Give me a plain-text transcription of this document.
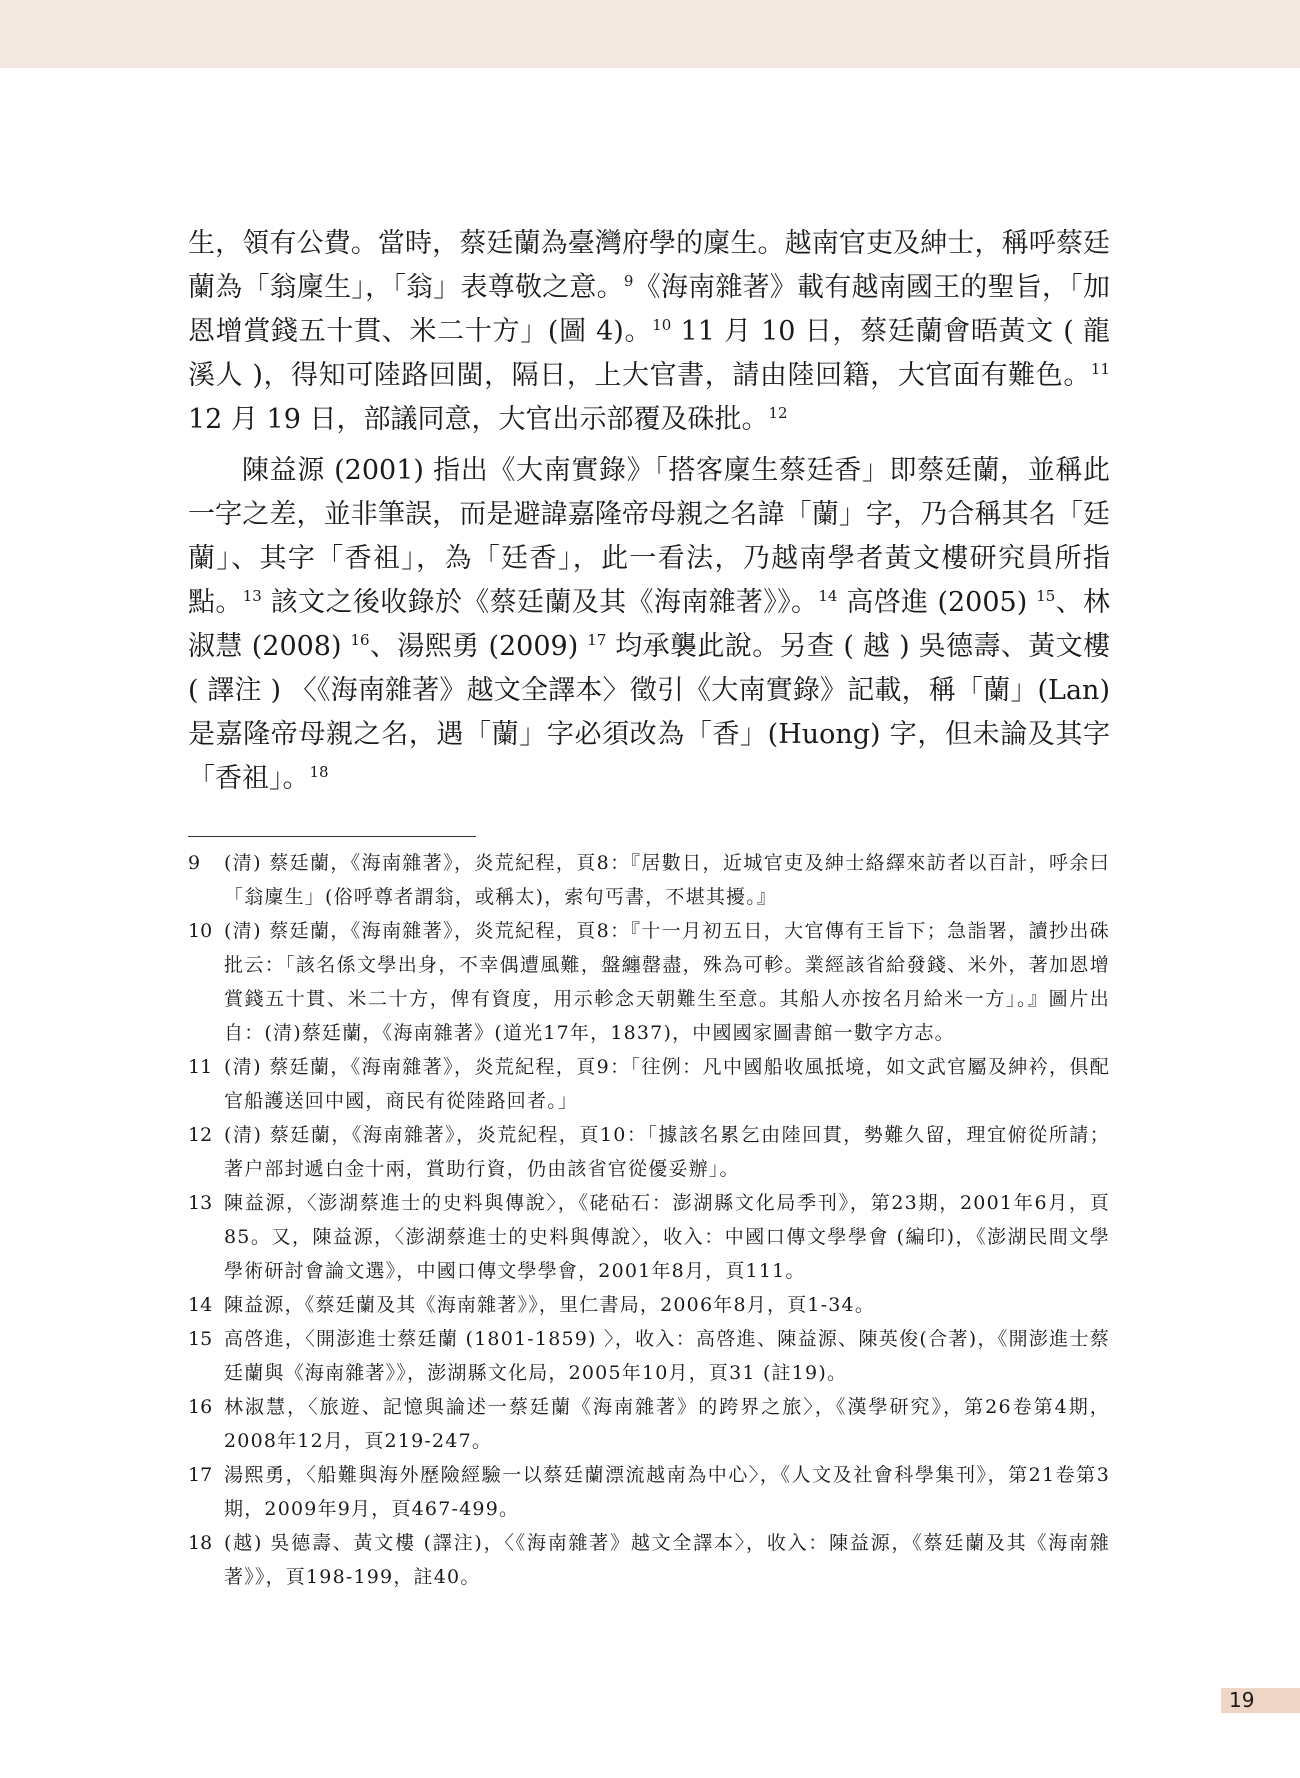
生，領有公費。當時，蔡廷蘭為臺灣府學的廩生。越南官吏及紳士，稱呼蔡廷蘭為「翁廩生」，「翁」表尊敬之意。$^9$《海南雜著》載有越南國王的聖旨，「加恩增賞錢五十貫、米二十方」(圖 4)。$^{10}$ 11 月 10 日，蔡廷蘭會晤黃文 ( 龍溪人 )，得知可陸路回閩，隔日，上大官書，請由陸回籍，大官面有難色。$^{11}$ 12 月 19 日，部議同意，大官出示部覆及硃批。$^{12}$

陳益源 (2001) 指出《大南實錄》「搭客廩生蔡廷香」即蔡廷蘭，並稱此一字之差，並非筆誤，而是避諱嘉隆帝母親之名諱「蘭」字，乃合稱其名「廷蘭」、其字「香祖」，為「廷香」，此一看法，乃越南學者黃文樓研究員所指點。$^{13}$ 該文之後收錄於《蔡廷蘭及其《海南雜著》》。$^{14}$ 高啓進 (2005) $^{15}$、林淑慧 (2008) $^{16}$、湯熙勇 (2009) $^{17}$ 均承襲此說。另查 ( 越 ) 吳德壽、黃文樓 ( 譯注 ) 〈《海南雜著》越文全譯本〉徵引《大南實錄》記載，稱「蘭」(Lan) 是嘉隆帝母親之名，遇「蘭」字必須改為「香」(Huong) 字，但未論及其字「香祖」。$^{18}$

9	(清) 蔡廷蘭，《海南雜著》，炎荒紀程，頁8：『居數日，近城官吏及紳士絡繹來訪者以百計，呼余曰「翁廩生」(俗呼尊者謂翁，或稱太)，索句丐書，不堪其擾。』
10 (清) 蔡廷蘭，《海南雜著》，炎荒紀程，頁8：『十一月初五日，大官傳有王旨下；急詣署，讀抄出硃批云：「該名係文學出身，不幸偶遭風難，盤纏罄盡，殊為可軫。業經該省給發錢、米外，著加恩增賞錢五十貫、米二十方，俾有資度，用示軫念天朝難生至意。其船人亦按名月給米一方」。』圖片出自：(清)蔡廷蘭，《海南雜著》(道光17年，1837)，中國國家圖書館一數字方志。
11 (清) 蔡廷蘭，《海南雜著》，炎荒紀程，頁9：「往例：凡中國船收風抵境，如文武官屬及紳衿，俱配官船護送回中國，商民有從陸路回者。」
12 (清) 蔡廷蘭，《海南雜著》，炎荒紀程，頁10：「據該名累乞由陸回貫，勢難久留，理宜俯從所請；著户部封遞白金十兩，賞助行資，仍由該省官從優妥辦」。
13 陳益源，〈澎湖蔡進士的史料與傳說〉，《硓𥑮石：澎湖縣文化局季刊》，第23期，2001年6月，頁85。又，陳益源，〈澎湖蔡進士的史料與傳說〉，收入：中國口傳文學學會 (編印)，《澎湖民間文學學術研討會論文選》，中國口傳文學學會，2001年8月，頁111。
14 陳益源，《蔡廷蘭及其《海南雜著》》，里仁書局，2006年8月，頁1-34。
15 高啓進，〈開澎進士蔡廷蘭 (1801-1859) 〉，收入：高啓進、陳益源、陳英俊(合著)，《開澎進士蔡廷蘭與《海南雜著》》，澎湖縣文化局，2005年10月，頁31 (註19)。
16 林淑慧，〈旅遊、記憶與論述一蔡廷蘭《海南雜著》的跨界之旅〉，《漢學研究》，第26卷第4期，2008年12月，頁219-247。
17 湯熙勇，〈船難與海外歷險經驗一以蔡廷蘭漂流越南為中心〉，《人文及社會科學集刊》，第21卷第3期，2009年9月，頁467-499。
18 (越) 吳德壽、黃文樓 (譯注)，〈《海南雜著》越文全譯本〉，收入：陳益源，《蔡廷蘭及其《海南雜著》》，頁198-199，註40。
19
